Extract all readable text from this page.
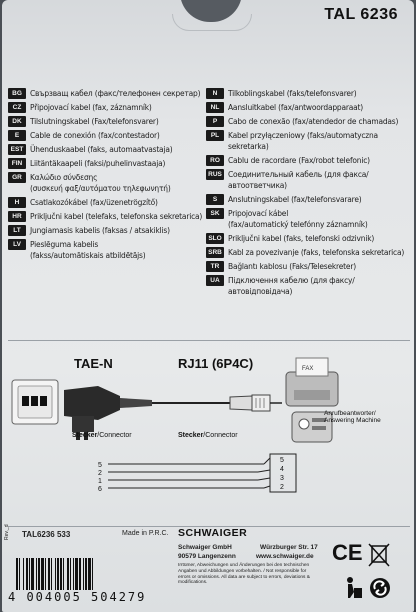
TAL 6236
BG	Свързващ кабел (факс/телефонен секретар)
CZ	Připojovací kabel (fax, záznamník)
DK	Tilslutningskabel (Fax/telefonsvarer)
E	Cable de conexión (fax/contestador)
EST Ühenduskaabel (faks, automaatvastaja)
FIN	Liitäntäkaapeli (faksi/puhelinvastaaja)
GR	Καλώδιο σύνδεσης
(συσκευή φαξ/αυτόματου τηλεφωνητή)
H	Csatlakozókábel (fax/üzenetrögzítő)
HR	Priključni kabel (telefaks, telefonska sekretarica)
LT	Jungiamasis kabelis (faksas / atsakiklis)
LV	Pieslēguma kabelis
(fakss/automātiskais atbildētājs)
N	Tilkoblingskabel (faks/telefonsvarer)
NL	Aansluitkabel (fax/antwoordapparaat)
P	Cabo de conexão (fax/atendedor de chamadas)
PL	Kabel przyłączeniowy (faks/automatyczna sekretarka)
RO	Cablu de racordare (Fax/robot telefonic)
RUS Соединительный кабель (для факса/автоответчика)
S	Anslutningskabel (fax/telefonsvarare)
SK	Pripojovací kábel
(fax/automatický telefónny záznamník)
SLO Priključni kabel (faks, telefonski odzivnik)
SRB Kabl za povezivanje (faks, telefonska sekretarica)
TR	Bağlantı kablosu (Faks/Telesekreter)
UA	Підключення кабелю (для факсу/автовідповідача)
TAE-N	RJ11 (6P4C)	FAX
5
2
1
6
5
4
3
2
Stecker/Connector	Stecker/Connector
Anrufbeantworter/
Answering Machine
TAL6236 533	Made in P.R.C.
Rev._d	SCHWAIGER
Schwaiger GmbH	Würzburger Str. 17
90579 Langenzenn	www.schwaiger.de
Irrtümer, Abweichungen und Änderungen bei den technischen
Angaben und Abbildungen vorbehalten. / Not responsible for
errors or omissions. All data are subject to errors, deviations & modifications.
4 004005 504279
CE
